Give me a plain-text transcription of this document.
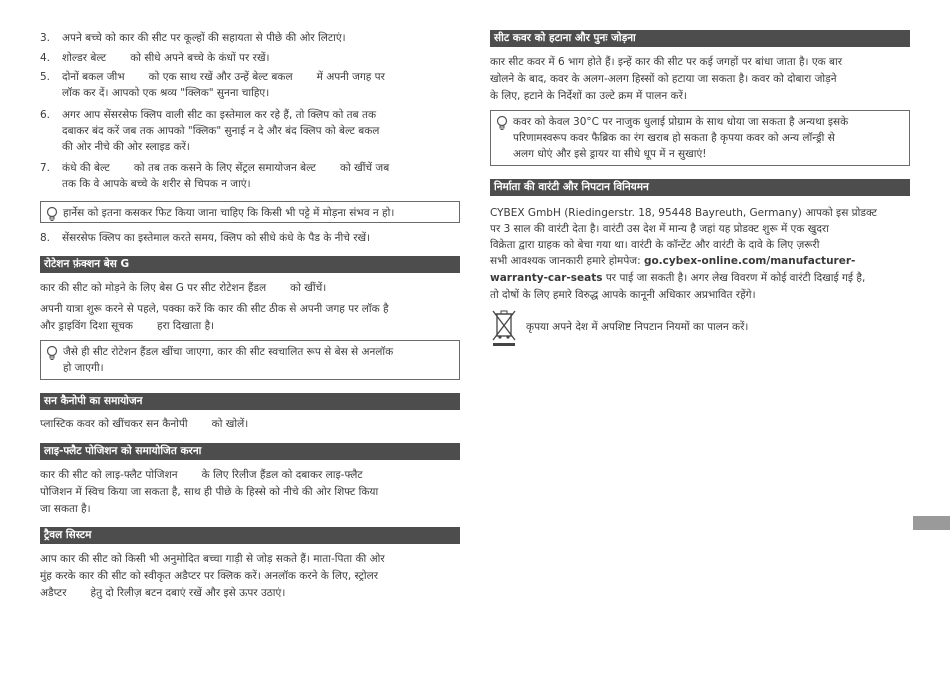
3.	अपने बच्चे को कार की सीट पर कूल्हों की सहायता से पीछे की ओर लिटाएं।
4.	शोल्डर बेल्ट को सीधे अपने बच्चे के कंधों पर रखें।
5.	दोनों बकल जीभ को एक साथ रखें और उन्हें बेल्ट बकल में अपनी जगह पर
लॉक कर दें। आपको एक श्रव्य "क्लिक" सुनना चाहिए।
6.	अगर आप सेंसरसेफ क्लिप वाली सीट का इस्तेमाल कर रहे हैं, तो क्लिप को तब तक
दबाकर बंद करें जब तक आपको "क्लिक" सुनाई न दे और बंद क्लिप को बेल्ट बकल
की ओर नीचे की ओर स्लाइड करें।
7.	कंधे की बेल्ट को तब तक कसने के लिए सेंट्रल समायोजन बेल्ट को खींचें जब
तक कि वे आपके बच्चे के शरीर से चिपक न जाएं।
हार्नेस को इतना कसकर फिट किया जाना चाहिए कि किसी भी पट्टे में मोड़ना संभव न हो।
8.	सेंसरसेफ क्लिप का इस्तेमाल करते समय, क्लिप को सीधे कंधे के पैड के नीचे रखें।
रोटेशन फ़ंक्शन बेस G
कार की सीट को मोड़ने के लिए बेस G पर सीट रोटेशन हैंडल को खींचें।
अपनी यात्रा शुरू करने से पहले, पक्का करें कि कार की सीट ठीक से अपनी जगह पर लॉक है
और ड्राइविंग दिशा सूचक हरा दिखाता है।
जैसे ही सीट रोटेशन हैंडल खींचा जाएगा, कार की सीट स्वचालित रूप से बेस से अनलॉक
हो जाएगी।
सन कैनोपी का समायोजन
प्लास्टिक कवर को खींचकर सन कैनोपी को खोलें।
लाइ-फ्लैट पोजिशन को समायोजित करना
कार की सीट को लाइ-फ्लैट पोजिशन के लिए रिलीज हैंडल को दबाकर लाइ-फ्लैट
पोजिशन में स्विच किया जा सकता है, साथ ही पीछे के हिस्से को नीचे की ओर शिफ्ट किया
जा सकता है।
ट्रैवल सिस्टम
आप कार की सीट को किसी भी अनुमोदित बच्चा गाड़ी से जोड़ सकते हैं। माता-पिता की ओर
मुंह करके कार की सीट को स्वीकृत अडैप्टर पर क्लिक करें। अनलॉक करने के लिए, स्ट्रोलर
अडैप्टर हेतु दो रिलीज़ बटन दबाएं रखें और इसे ऊपर उठाएं।
सीट कवर को हटाना और पुनः जोड़ना
कार सीट कवर में 6 भाग होते हैं। इन्हें कार की सीट पर कई जगहों पर बांधा जाता है। एक बार
खोलने के बाद, कवर के अलग-अलग हिस्सों को हटाया जा सकता है। कवर को दोबारा जोड़ने
के लिए, हटाने के निर्देशों का उल्टे क्रम में पालन करें।
कवर को केवल 30°C पर नाजुक धुलाई प्रोग्राम के साथ धोया जा सकता है अन्यथा इसके
परिणामस्वरूप कवर फैब्रिक का रंग खराब हो सकता है कृपया कवर को अन्य लॉन्ड्री से
अलग धोएं और इसे ड्रायर या सीधे धूप में न सुखाएं!
निर्माता की वारंटी और निपटान विनियमन
CYBEX GmbH (Riedingerstr. 18, 95448 Bayreuth, Germany) आपको इस प्रोडक्ट
पर 3 साल की वारंटी देता है। वारंटी उस देश में मान्य है जहां यह प्रोडक्ट शुरू में एक खुदरा
विक्रेता द्वारा ग्राहक को बेचा गया था। वारंटी के कॉन्टेंट और वारंटी के दावे के लिए ज़रूरी
सभी आवश्यक जानकारी हमारे होमपेज: go.cybex-online.com/manufacturer-
warranty-car-seats पर पाई जा सकती है। अगर लेख विवरण में कोई वारंटी दिखाई गई है,
तो दोषों के लिए हमारे विरुद्ध आपके कानूनी अधिकार अप्रभावित रहेंगे।
कृपया अपने देश में अपशिष्ट निपटान नियमों का पालन करें।
